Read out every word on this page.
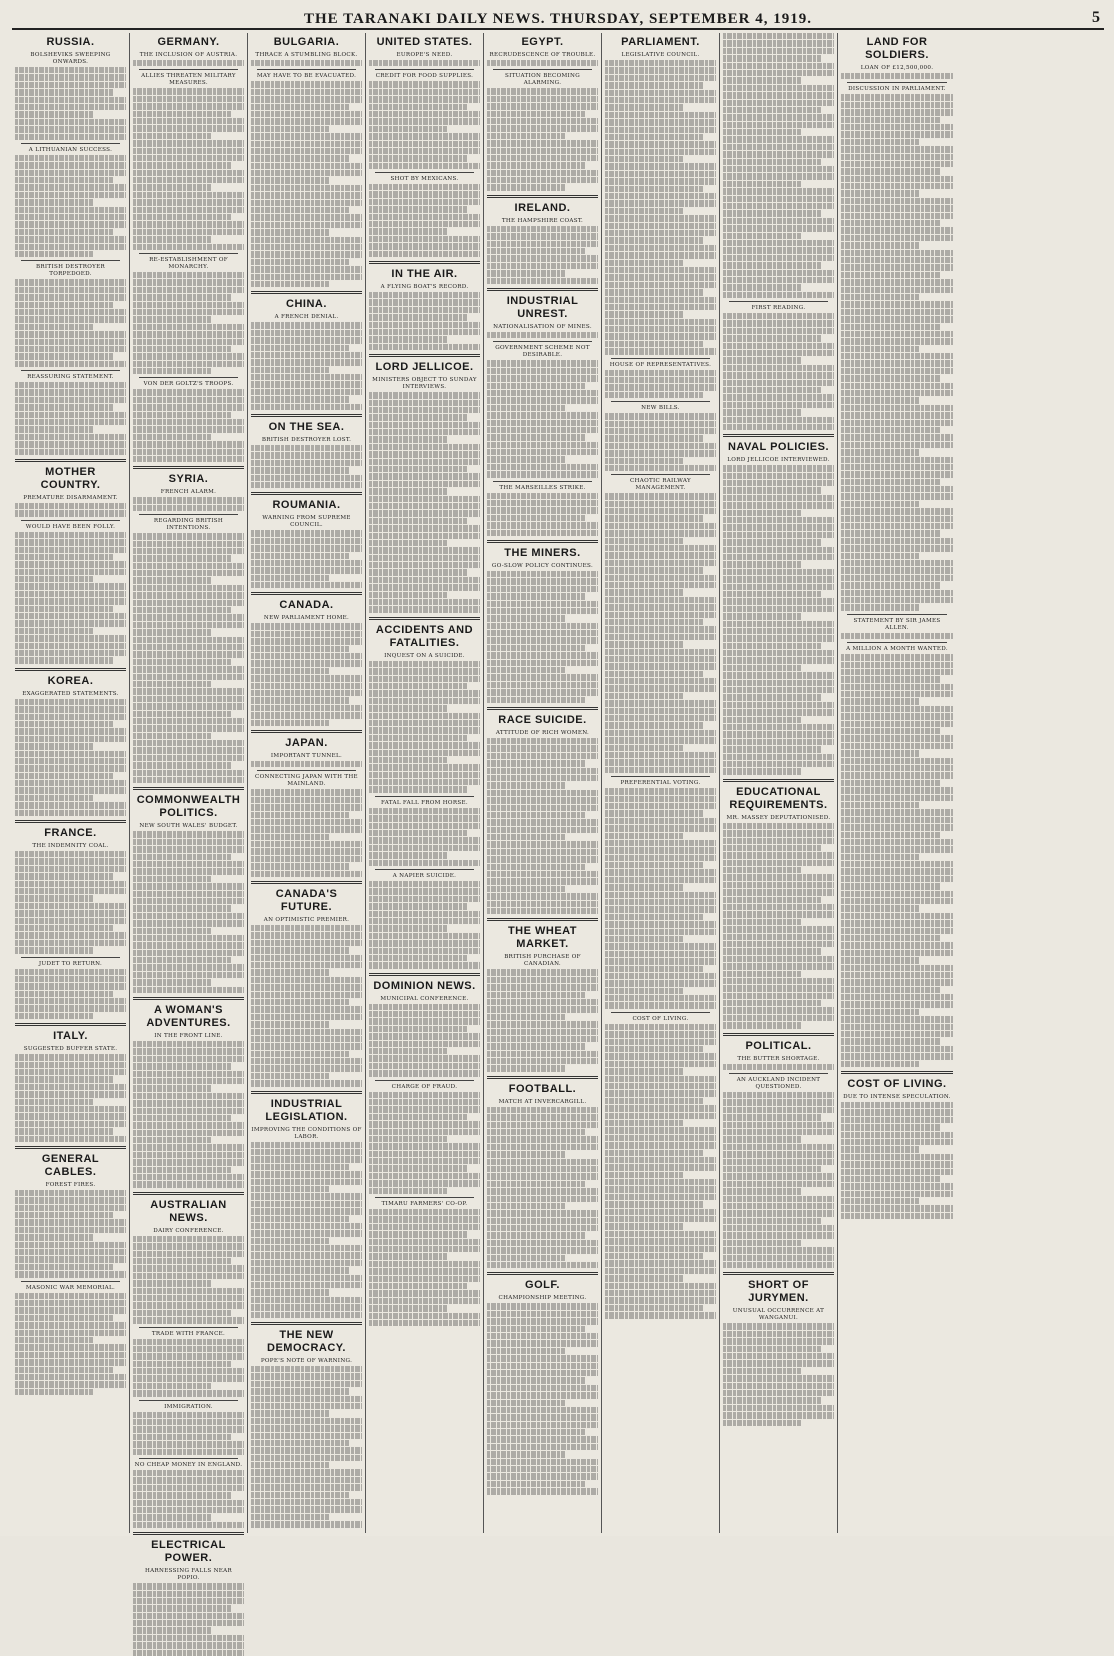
THE TARANAKI DAILY NEWS. THURSDAY, SEPTEMBER 4, 1919.	5
RUSSIA.
BOLSHEVIKS SWEEPING ONWARDS.
A LITHUANIAN SUCCESS.
BRITISH DESTROYER TORPEDOED.
REASSURING STATEMENT.
MOTHER COUNTRY.
PREMATURE DISARMAMENT.
WOULD HAVE BEEN FOLLY.
KOREA.
EXAGGERATED STATEMENTS.
FRANCE.
THE INDEMNITY COAL.
JUDET TO RETURN.
ITALY.
SUGGESTED BUFFER STATE.
GENERAL CABLES.
FOREST FIRES.
MASONIC WAR MEMORIAL.
GERMANY.
THE INCLUSION OF AUSTRIA.
ALLIES THREATEN MILITARY MEASURES.
RE-ESTABLISHMENT OF MONARCHY.
VON DER GOLTZ'S TROOPS.
SYRIA.
FRENCH ALARM.
REGARDING BRITISH INTENTIONS.
COMMONWEALTH POLITICS.
NEW SOUTH WALES' BUDGET.
A WOMAN'S ADVENTURES.
IN THE FRONT LINE.
AUSTRALIAN NEWS.
DAIRY CONFERENCE.
TRADE WITH FRANCE.
IMMIGRATION.
NO CHEAP MONEY IN ENGLAND.
ELECTRICAL POWER.
HARNESSING FALLS NEAR POPIO.
BULGARIA.
THRACE A STUMBLING BLOCK.
MAY HAVE TO BE EVACUATED.
CHINA.
A FRENCH DENIAL.
ON THE SEA.
BRITISH DESTROYER LOST.
ROUMANIA.
WARNING FROM SUPREME COUNCIL.
CANADA.
NEW PARLIAMENT HOME.
JAPAN.
IMPORTANT TUNNEL.
CONNECTING JAPAN WITH THE MAINLAND.
CANADA'S FUTURE.
AN OPTIMISTIC PREMIER.
INDUSTRIAL LEGISLATION.
IMPROVING THE CONDITIONS OF LABOR.
THE NEW DEMOCRACY.
POPE'S NOTE OF WARNING.
UNITED STATES.
EUROPE'S NEED.
CREDIT FOR FOOD SUPPLIES.
SHOT BY MEXICANS.
IN THE AIR.
A FLYING BOAT'S RECORD.
LORD JELLICOE.
MINISTERS OBJECT TO SUNDAY INTERVIEWS.
ACCIDENTS AND FATALITIES.
INQUEST ON A SUICIDE.
FATAL FALL FROM HORSE.
A NAPIER SUICIDE.
DOMINION NEWS.
MUNICIPAL CONFERENCE.
CHARGE OF FRAUD.
TIMARU FARMERS' CO-OP.
EGYPT.
RECRUDESCENCE OF TROUBLE.
SITUATION BECOMING ALARMING.
IRELAND.
THE HAMPSHIRE COAST.
INDUSTRIAL UNREST.
NATIONALISATION OF MINES.
GOVERNMENT SCHEME NOT DESIRABLE.
THE MARSEILLES STRIKE.
THE MINERS.
GO-SLOW POLICY CONTINUES.
RACE SUICIDE.
ATTITUDE OF RICH WOMEN.
THE WHEAT MARKET.
BRITISH PURCHASE OF CANADIAN.
FOOTBALL.
MATCH AT INVERCARGILL.
GOLF.
CHAMPIONSHIP MEETING.
PARLIAMENT.
LEGISLATIVE COUNCIL.
HOUSE OF REPRESENTATIVES.
NEW BILLS.
CHAOTIC RAILWAY MANAGEMENT.
PREFERENTIAL VOTING.
COST OF LIVING.
FIRST READING.
NAVAL POLICIES.
LORD JELLICOE INTERVIEWED.
EDUCATIONAL REQUIREMENTS.
MR. MASSEY DEPUTATIONISED.
POLITICAL.
THE BUTTER SHORTAGE.
AN AUCKLAND INCIDENT QUESTIONED.
SHORT OF JURYMEN.
UNUSUAL OCCURRENCE AT WANGANUI.
LAND FOR SOLDIERS.
LOAN OF £12,500,000.
DISCUSSION IN PARLIAMENT.
STATEMENT BY SIR JAMES ALLEN.
A MILLION A MONTH WANTED.
COST OF LIVING.
DUE TO INTENSE SPECULATION.
